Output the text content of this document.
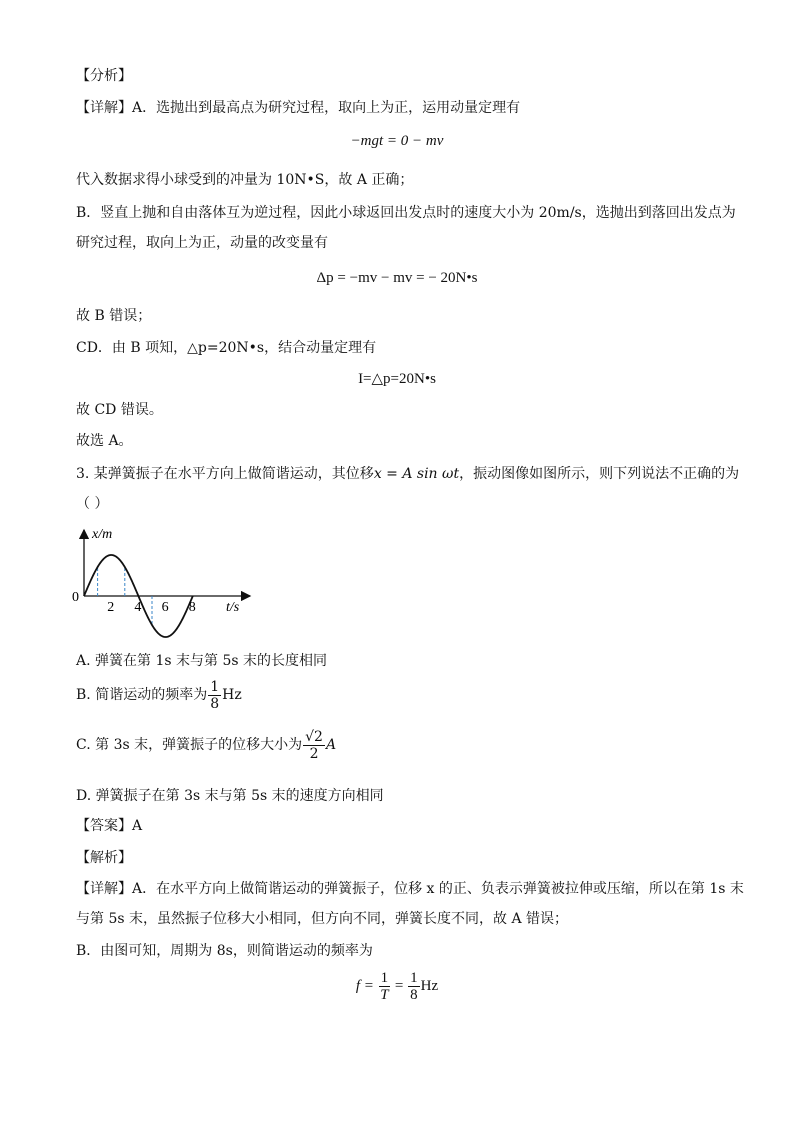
【分析】
【详解】A．选抛出到最高点为研究过程，取向上为正，运用动量定理有
−mgt = 0 − mv
代入数据求得小球受到的冲量为 10N•S，故 A 正确；
B．竖直上抛和自由落体互为逆过程，因此小球返回出发点时的速度大小为 20m/s，选抛出到落回出发点为
研究过程，取向上为正，动量的改变量有
Δp = −mv − mv = − 20N•s
故 B 错误；
CD．由 B 项知，△p=20N•s，结合动量定理有
I=△p=20N•s
故 CD 错误。
故选 A。
3. 某弹簧振子在水平方向上做简谐运动，其位移x = A sin ωt，振动图像如图所示，则下列说法不正确的为
（ ）
2 4 6 8
x/m
0
t/s
A. 弹簧在第 1s 末与第 5s 末的长度相同
B. 简谐运动的频率为 $\frac{1}{8}$ Hz
C. 第 3s 末，弹簧振子的位移大小为 $\frac{√2}{2}$ A
D. 弹簧振子在第 3s 末与第 5s 末的速度方向相同
【答案】A
【解析】
【详解】A．在水平方向上做简谐运动的弹簧振子，位移 x 的正、负表示弹簧被拉伸或压缩，所以在第 1s 末
与第 5s 末，虽然振子位移大小相同，但方向不同，弹簧长度不同，故 A 错误；
B．由图可知，周期为 8s，则简谐运动的频率为
$f = \frac{1}{T} = \frac{1}{8}$ Hz
